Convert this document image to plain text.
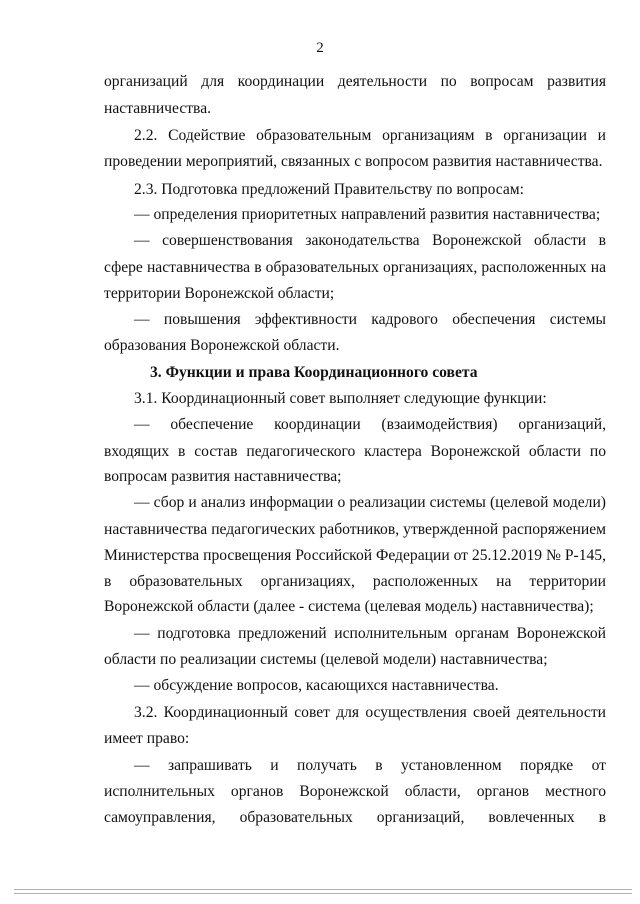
2
организаций для координации деятельности по вопросам развития
наставничества.
2.2. Содействие образовательным организациям в организации и
проведении мероприятий, связанных с вопросом развития наставничества.
2.3. Подготовка предложений Правительству по вопросам:
— определения приоритетных направлений развития наставничества;
— совершенствования законодательства Воронежской области в
сфере наставничества в образовательных организациях, расположенных на
территории Воронежской области;
— повышения эффективности кадрового обеспечения системы
образования Воронежской области.
3. Функции и права Координационного совета
3.1. Координационный совет выполняет следующие функции:
— обеспечение координации (взаимодействия) организаций,
входящих в состав педагогического кластера Воронежской области по
вопросам развития наставничества;
— сбор и анализ информации о реализации системы (целевой модели)
наставничества педагогических работников, утвержденной распоряжением
Министерства просвещения Российской Федерации от 25.12.2019 № Р-145,
в образовательных организациях, расположенных на территории
Воронежской области (далее - система (целевая модель) наставничества);
— подготовка предложений исполнительным органам Воронежской
области по реализации системы (целевой модели) наставничества;
— обсуждение вопросов, касающихся наставничества.
3.2. Координационный совет для осуществления своей деятельности
имеет право:
— запрашивать и получать в установленном порядке от
исполнительных органов Воронежской области, органов местного
самоуправления, образовательных организаций, вовлеченных в
